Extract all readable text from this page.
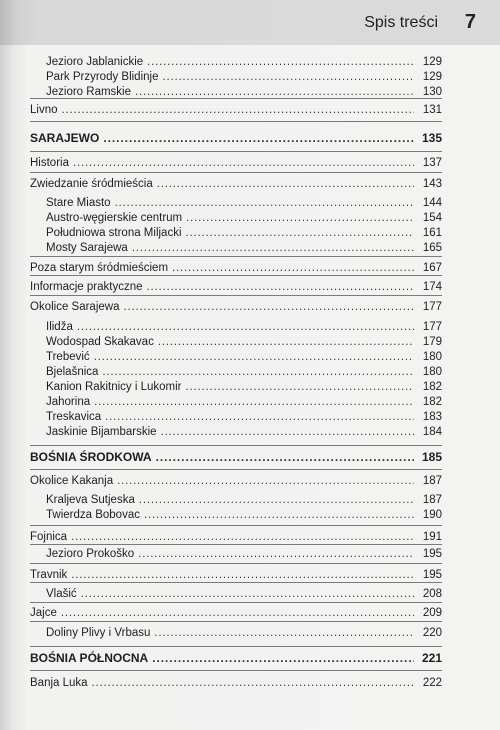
Spis treści 7
Jezioro Jablanickie . . .	129
Park Przyrody Blidinje . . .	129
Jezioro Ramskie . . .	130
Livno . . .	131
SARAJEWO . . .	135
Historia . . .	137
Zwiedzanie śródmieścia . . .	143
Stare Miasto . . .	144
Austro-węgierskie centrum . . .	154
Południowa strona Miljacki . . .	161
Mosty Sarajewa . . .	165
Poza starym śródmieściem . . .	167
Informacje praktyczne . . .	174
Okolice Sarajewa . . .	177
Ilidža . . .	177
Wodospad Skakavac . . .	179
Trebević . . .	180
Bjelašnica . . .	180
Kanion Rakitnicy i Lukomir . . .	182
Jahorina . . .	182
Treskavica . . .	183
Jaskinie Bijambarskie . . .	184
BOŚNIA ŚRODKOWA . . .	185
Okolice Kakanja . . .	187
Kraljeva Sutjeska . . .	187
Twierdza Bobovac . . .	190
Fojnica . . .	191
Jezioro Prokoško . . .	195
Travnik . . .	195
Vlašić . . .	208
Jajce . . .	209
Doliny Plivy i Vrbasu . . .	220
BOŚNIA PÓŁNOCNA . . .	221
Banja Luka . . .	222
